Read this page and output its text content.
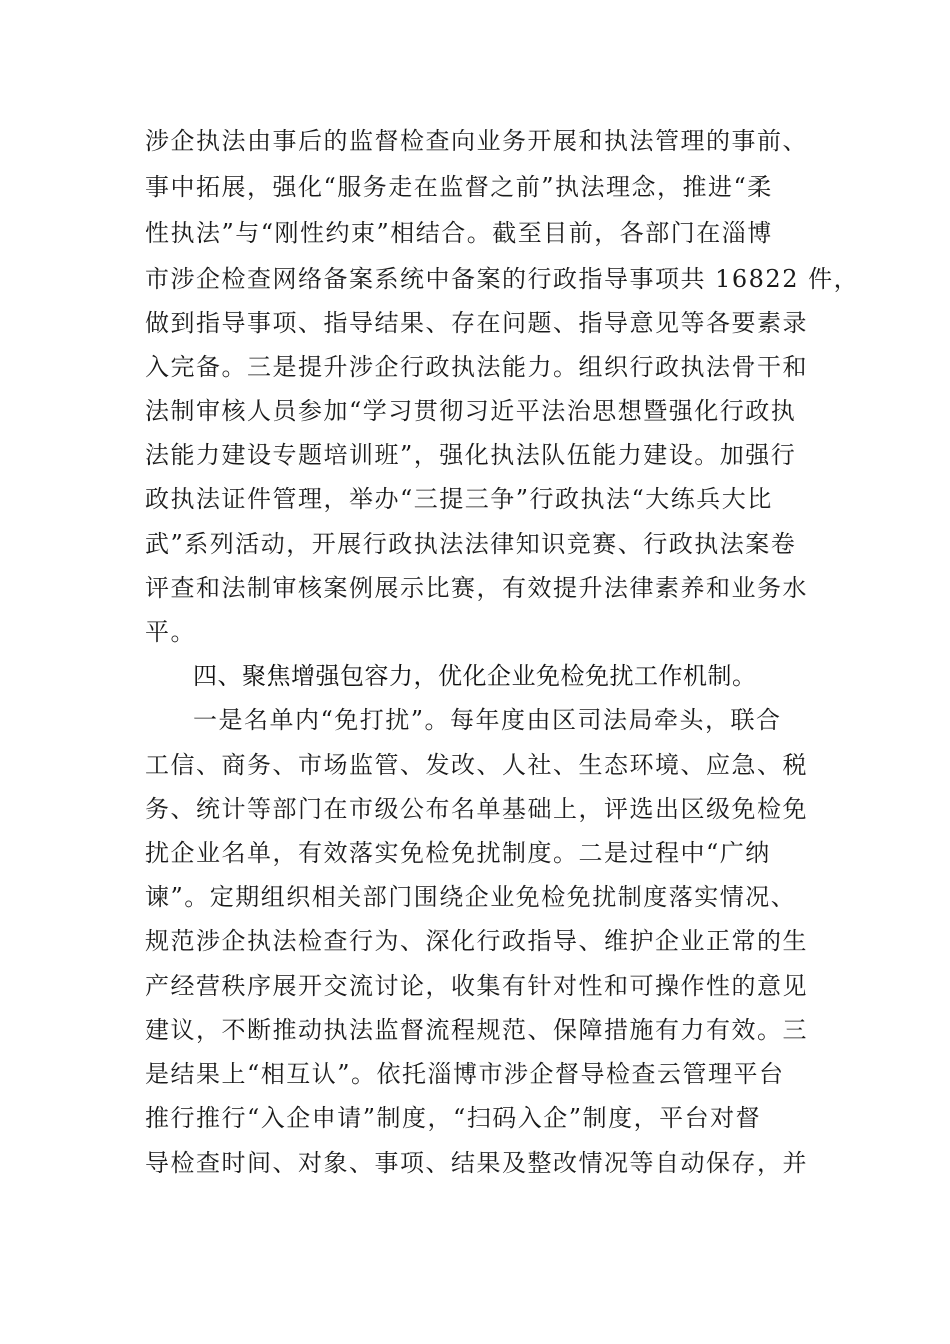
涉企执法由事后的监督检查向业务开展和执法管理的事前、
事中拓展，强化“服务走在监督之前”执法理念，推进“柔
性执法”与“刚性约束”相结合。截至目前，各部门在淄博
市涉企检查网络备案系统中备案的行政指导事项共 16822 件，
做到指导事项、指导结果、存在问题、指导意见等各要素录
入完备。三是提升涉企行政执法能力。组织行政执法骨干和
法制审核人员参加“学习贯彻习近平法治思想暨强化行政执
法能力建设专题培训班”，强化执法队伍能力建设。加强行
政执法证件管理，举办“三提三争”行政执法“大练兵大比
武”系列活动，开展行政执法法律知识竞赛、行政执法案卷
评查和法制审核案例展示比赛，有效提升法律素养和业务水
平。
四、聚焦增强包容力，优化企业免检免扰工作机制。
一是名单内“免打扰”。每年度由区司法局牵头，联合
工信、商务、市场监管、发改、人社、生态环境、应急、税
务、统计等部门在市级公布名单基础上，评选出区级免检免
扰企业名单，有效落实免检免扰制度。二是过程中“广纳
谏”。定期组织相关部门围绕企业免检免扰制度落实情况、
规范涉企执法检查行为、深化行政指导、维护企业正常的生
产经营秩序展开交流讨论，收集有针对性和可操作性的意见
建议，不断推动执法监督流程规范、保障措施有力有效。三
是结果上“相互认”。依托淄博市涉企督导检查云管理平台
推行推行“入企申请”制度，“扫码入企”制度，平台对督
导检查时间、对象、事项、结果及整改情况等自动保存，并
